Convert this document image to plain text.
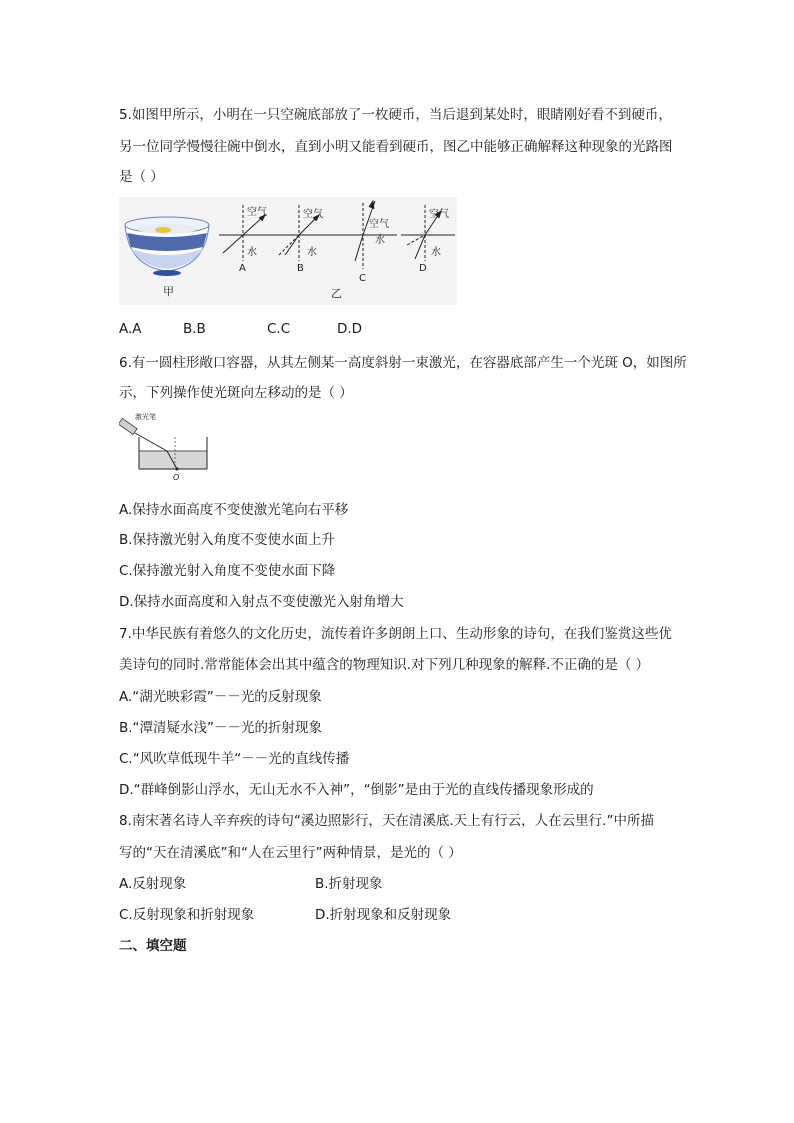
5.如图甲所示，小明在一只空碗底部放了一枚硬币，当后退到某处时，眼睛刚好看不到硬币，
另一位同学慢慢往碗中倒水，直到小明又能看到硬币，图乙中能够正确解释这种现象的光路图
是（ ）
甲
空气
水
A
空气
水
B
空气
水
C
空气
水
D
乙
A.A	B.B	C.C	D.D
6.有一圆柱形敞口容器，从其左侧某一高度斜射一束激光，在容器底部产生一个光斑 O，如图所
示，下列操作使光斑向左移动的是（ ）
激光笔
O
A.保持水面高度不变使激光笔向右平移
B.保持激光射入角度不变使水面上升
C.保持激光射入角度不变使水面下降
D.保持水面高度和入射点不变使激光入射角增大
7.中华民族有着悠久的文化历史，流传着许多朗朗上口、生动形象的诗句，在我们鉴赏这些优
美诗句的同时.常常能体会出其中蕴含的物理知识.对下列几种现象的解释.不正确的是（ ）
A.“湖光映彩霞”－－光的反射现象
B.“潭清疑水浅”－－光的折射现象
C.“风吹草低现牛羊“－－光的直线传播
D.“群峰倒影山浮水，无山无水不入神”，“倒影”是由于光的直线传播现象形成的
8.南宋著名诗人辛弃疾的诗句“溪边照影行，天在清溪底.天上有行云，人在云里行.”中所描
写的“天在清溪底”和“人在云里行”两种情景，是光的（ ）
A.反射现象	B.折射现象
C.反射现象和折射现象	D.折射现象和反射现象
二、填空题
